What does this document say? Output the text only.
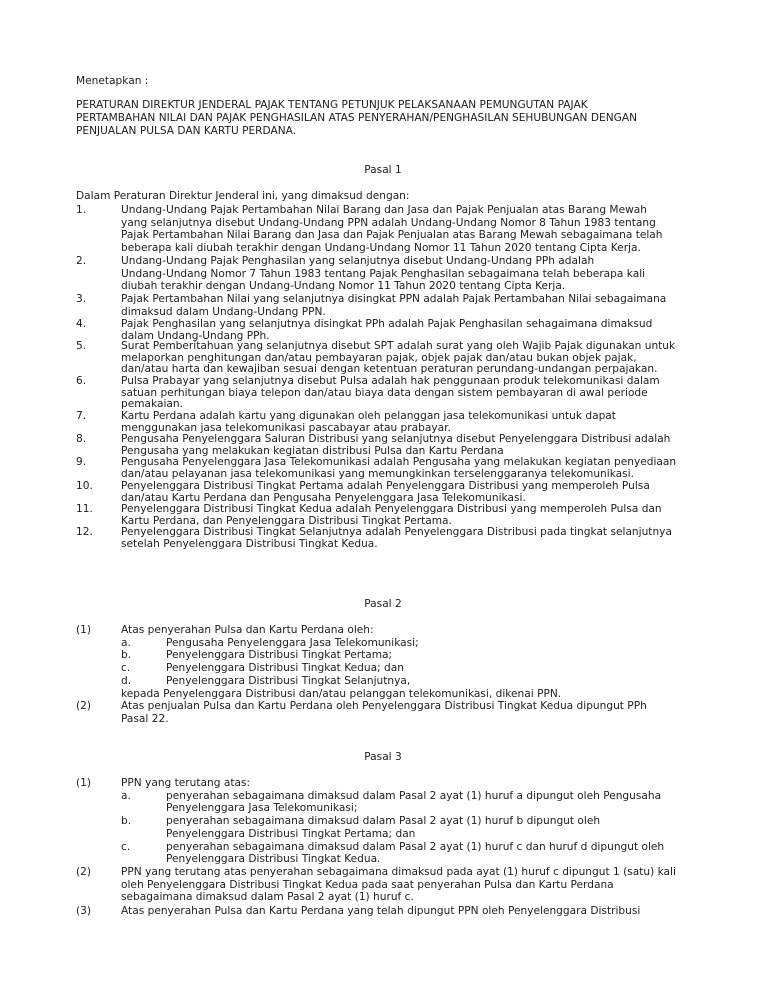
Menetapkan :
PERATURAN DIREKTUR JENDERAL PAJAK TENTANG PETUNJUK PELAKSANAAN PEMUNGUTAN PAJAK
PERTAMBAHAN NILAI DAN PAJAK PENGHASILAN ATAS PENYERAHAN/PENGHASILAN SEHUBUNGAN DENGAN
PENJUALAN PULSA DAN KARTU PERDANA.
Pasal 1
Dalam Peraturan Direktur Jenderal ini, yang dimaksud dengan:
1.	Undang-Undang Pajak Pertambahan Nilai Barang dan Jasa dan Pajak Penjualan atas Barang Mewah
yang selanjutnya disebut Undang-Undang PPN adalah Undang-Undang Nomor 8 Tahun 1983 tentang
Pajak Pertambahan Nilai Barang dan Jasa dan Pajak Penjualan atas Barang Mewah sebagaimana telah
beberapa kali diubah terakhir dengan Undang-Undang Nomor 11 Tahun 2020 tentang Cipta Kerja.
2.	Undang-Undang Pajak Penghasilan yang selanjutnya disebut Undang-Undang PPh adalah
Undang-Undang Nomor 7 Tahun 1983 tentang Pajak Penghasilan sebagaimana telah beberapa kali
diubah terakhir dengan Undang-Undang Nomor 11 Tahun 2020 tentang Cipta Kerja.
3.	Pajak Pertambahan Nilai yang selanjutnya disingkat PPN adalah Pajak Pertambahan Nilai sebagaimana
dimaksud dalam Undang-Undang PPN.
4.	Pajak Penghasilan yang selanjutnya disingkat PPh adalah Pajak Penghasilan sehagaimana dimaksud
dalam Undang-Undang PPh.
5.	Surat Pemberitahuan yang selanjutnya disebut SPT adalah surat yang oleh Wajib Pajak digunakan untuk
melaporkan penghitungan dan/atau pembayaran pajak, objek pajak dan/atau bukan objek pajak,
dan/atau harta dan kewajiban sesuai dengan ketentuan peraturan perundang-undangan perpajakan.
6.	Pulsa Prabayar yang selanjutnya disebut Pulsa adalah hak penggunaan produk telekomunikasi dalam
satuan perhitungan biaya telepon dan/atau biaya data dengan sistem pembayaran di awal periode
pemakaian.
7.	Kartu Perdana adalah kartu yang digunakan oleh pelanggan jasa telekomunikasi untuk dapat
menggunakan jasa telekomunikasi pascabayar atau prabayar.
8.	Pengusaha Penyelenggara Saluran Distribusi yang selanjutnya disebut Penyelenggara Distribusi adalah
Pengusaha yang melakukan kegiatan distribusi Pulsa dan Kartu Perdana
9.	Pengusaha Penyelenggara Jasa Telekomunikasi adalah Pengusaha yang melakukan kegiatan penyediaan
dan/atau pelayanan jasa telekomunikasi yang memungkinkan terselenggaranya telekomunikasi.
10.	Penyelenggara Distribusi Tingkat Pertama adalah Penyelenggara Distribusi yang memperoleh Pulsa
dan/atau Kartu Perdana dan Pengusaha Penyelenggara Jasa Telekomunikasi.
11.	Penyelenggara Distribusi Tingkat Kedua adalah Penyelenggara Distribusi yang memperoleh Pulsa dan
Kartu Perdana, dan Penyelenggara Distribusi Tingkat Pertama.
12.	Penyelenggara Distribusi Tingkat Selanjutnya adalah Penyelenggara Distribusi pada tingkat selanjutnya
setelah Penyelenggara Distribusi Tingkat Kedua.
Pasal 2
(1)	Atas penyerahan Pulsa dan Kartu Perdana oleh:
a.	Pengusaha Penyelenggara Jasa Telekomunikasi;
b.	Penyelenggara Distribusi Tingkat Pertama;
c.	Penyelenggara Distribusi Tingkat Kedua; dan
d.	Penyelenggara Distribusi Tingkat Selanjutnya,
kepada Penyelenggara Distribusi dan/atau pelanggan telekomunikasi, dikenai PPN.
(2)	Atas penjualan Pulsa dan Kartu Perdana oleh Penyelenggara Distribusi Tingkat Kedua dipungut PPh
Pasal 22.
Pasal 3
(1)	PPN yang terutang atas:
a.	penyerahan sebagaimana dimaksud dalam Pasal 2 ayat (1) huruf a dipungut oleh Pengusaha
Penyelenggara Jasa Telekomunikasi;
b.	penyerahan sebagaimana dimaksud dalam Pasal 2 ayat (1) huruf b dipungut oleh
Penyelenggara Distribusi Tingkat Pertama; dan
c.	penyerahan sebagaimana dimaksud dalam Pasal 2 ayat (1) huruf c dan huruf d dipungut oleh
Penyelenggara Distribusi Tingkat Kedua.
(2)	PPN yang terutang atas penyerahan sebagaimana dimaksud pada ayat (1) huruf c dipungut 1 (satu) kali
oleh Penyelenggara Distribusi Tingkat Kedua pada saat penyerahan Pulsa dan Kartu Perdana
sebagaimana dimaksud dalam Pasal 2 ayat (1) huruf c.
(3)	Atas penyerahan Pulsa dan Kartu Perdana yang telah dipungut PPN oleh Penyelenggara Distribusi
